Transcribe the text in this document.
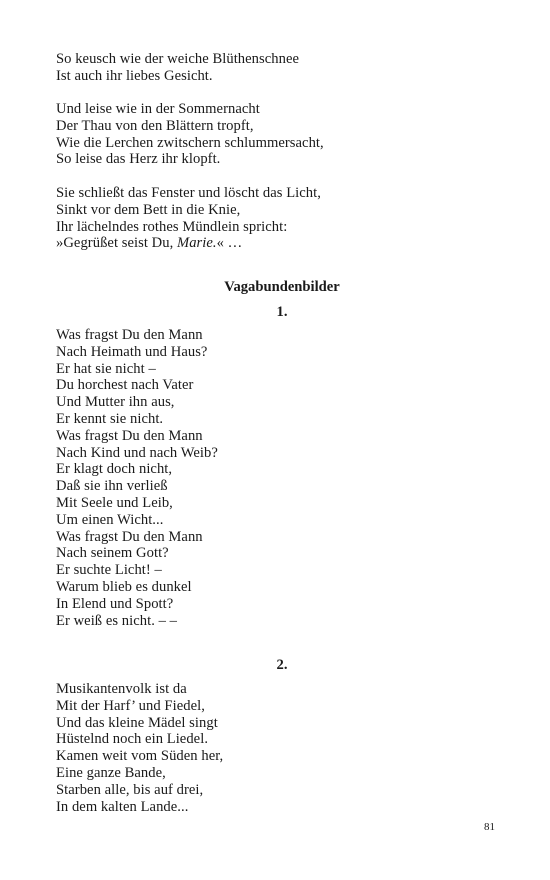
So keusch wie der weiche Blüthenschnee
Ist auch ihr liebes Gesicht.
Und leise wie in der Sommernacht
Der Thau von den Blättern tropft,
Wie die Lerchen zwitschern schlummersacht,
So leise das Herz ihr klopft.
Sie schließt das Fenster und löscht das Licht,
Sinkt vor dem Bett in die Knie,
Ihr lächelndes rothes Mündlein spricht:
»Gegrüßet seist Du, Marie.« …
Vagabundenbilder
1.
Was fragst Du den Mann
Nach Heimath und Haus?
Er hat sie nicht –
Du horchest nach Vater
Und Mutter ihn aus,
Er kennt sie nicht.
Was fragst Du den Mann
Nach Kind und nach Weib?
Er klagt doch nicht,
Daß sie ihn verließ
Mit Seele und Leib,
Um einen Wicht...
Was fragst Du den Mann
Nach seinem Gott?
Er suchte Licht! –
Warum blieb es dunkel
In Elend und Spott?
Er weiß es nicht. – –
2.
Musikantenvolk ist da
Mit der Harf’ und Fiedel,
Und das kleine Mädel singt
Hüstelnd noch ein Liedel.
Kamen weit vom Süden her,
Eine ganze Bande,
Starben alle, bis auf drei,
In dem kalten Lande...
81
